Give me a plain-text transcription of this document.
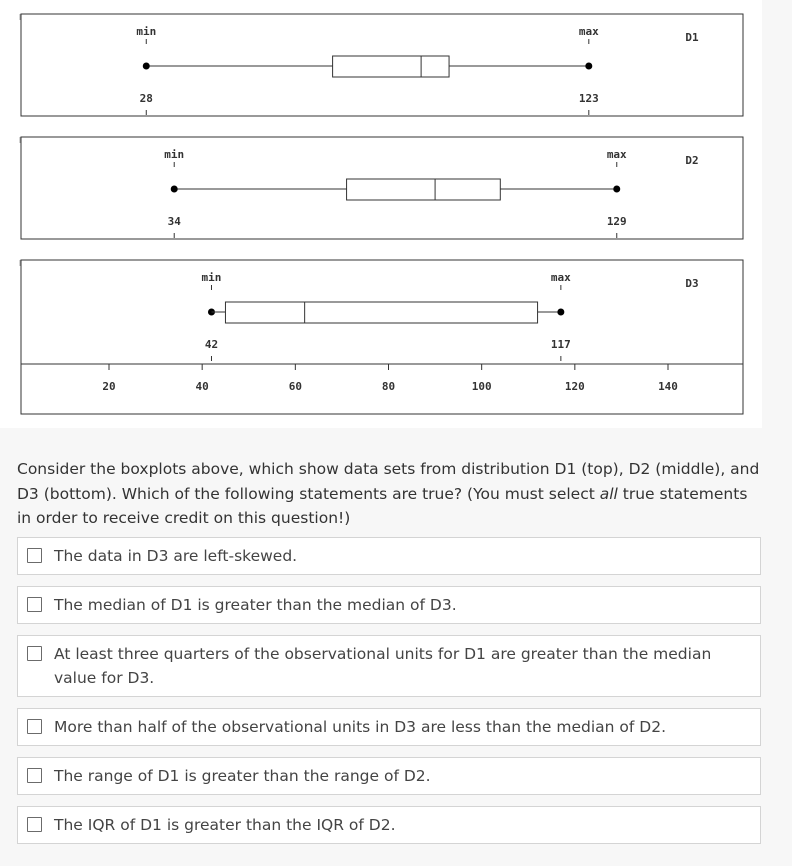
min	max
28	123
D1
min	max
34	129
D2
min	max
42	117
D3
20	40	60	80	100	120	140
Consider the boxplots above, which show data sets from distribution D1 (top), D2 (middle), and D3 (bottom). Which of the following statements are true? (You must select all true statements in order to receive credit on this question!)
The data in D3 are left-skewed.
The median of D1 is greater than the median of D3.
At least three quarters of the observational units for D1 are greater than the median value for D3.
More than half of the observational units in D3 are less than the median of D2.
The range of D1 is greater than the range of D2.
The IQR of D1 is greater than the IQR of D2.
